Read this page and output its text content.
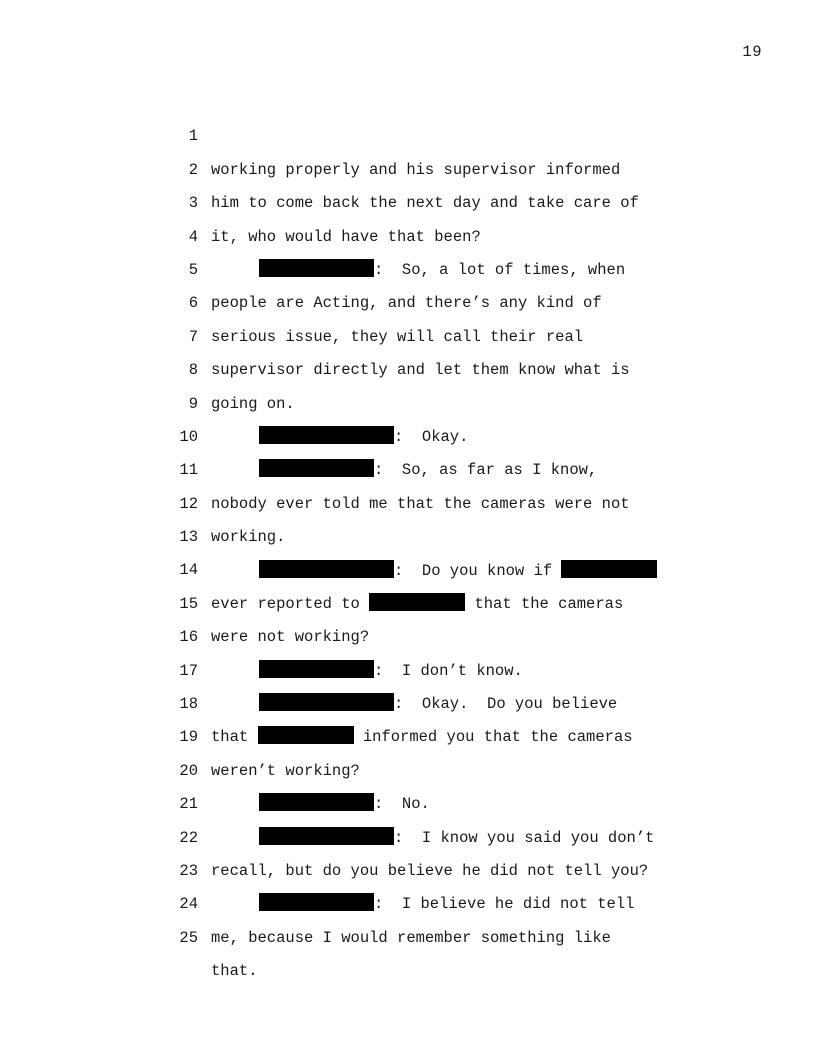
19

1

working properly and his supervisor informed

2

him to come back the next day and take care of

3

it, who would have that been?

4

:  So, a lot of times, when

5

people are Acting, and there’s any kind of

6

serious issue, they will call their real

7

supervisor directly and let them know what is

8

going on.

9

:  Okay.

10

:  So, as far as I know,

11

nobody ever told me that the cameras were not

12

working.

13

:  Do you know if

14

ever reported to	that the cameras

15

were not working?

16

:  I don’t know.

17

:  Okay.  Do you believe

18

that	informed you that the cameras

19

weren’t working?

20

:  No.

21

:  I know you said you don’t

22

recall, but do you believe he did not tell you?

23

:  I believe he did not tell

24

me, because I would remember something like

25

that.
